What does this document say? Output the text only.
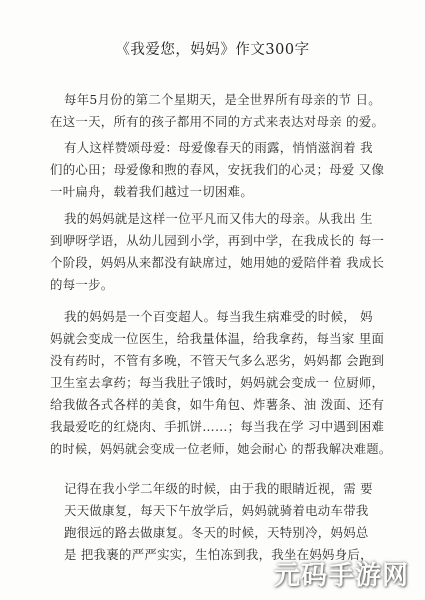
《我爱您，妈妈》作文300字
每年5月份的第二个星期天，是全世界所有母亲的节 日。
在这一天，所有的孩子都用不同的方式来表达对母亲 的爱。
有人这样赞颂母爱：母爱像春天的雨露，悄悄滋润着 我
们的心田；母爱像和煦的春风，安抚我们的心灵；母爱 又像
一叶扁舟，载着我们越过一切困难。
我的妈妈就是这样一位平凡而又伟大的母亲。从我出 生
到咿呀学语，从幼儿园到小学，再到中学，在我成长的 每一
个阶段，妈妈从来都没有缺席过，她用她的爱陪伴着 我成长
的每一步。
我的妈妈是一个百变超人。每当我生病难受的时候， 妈
妈就会变成一位医生，给我量体温，给我拿药，每当家 里面
没有药时，不管有多晚，不管天气多么恶劣，妈妈都 会跑到
卫生室去拿药；每当我肚子饿时，妈妈就会变成一 位厨师，
给我做各式各样的美食，如牛角包、炸薯条、油 泼面、还有
我最爱吃的红烧肉、手抓饼……；每当我在学 习中遇到困难
的时候，妈妈就会变成一位老师，她会耐心 的帮我解决难题。
记得在我小学二年级的时候，由于我的眼睛近视，需 要
天天做康复，每天下午放学后，妈妈就骑着电动车带我
跑很远的路去做康复。冬天的时候，天特别冷，妈妈总
是 把我裹的严严实实，生怕冻到我，我坐在妈妈身后，
元码手游网
